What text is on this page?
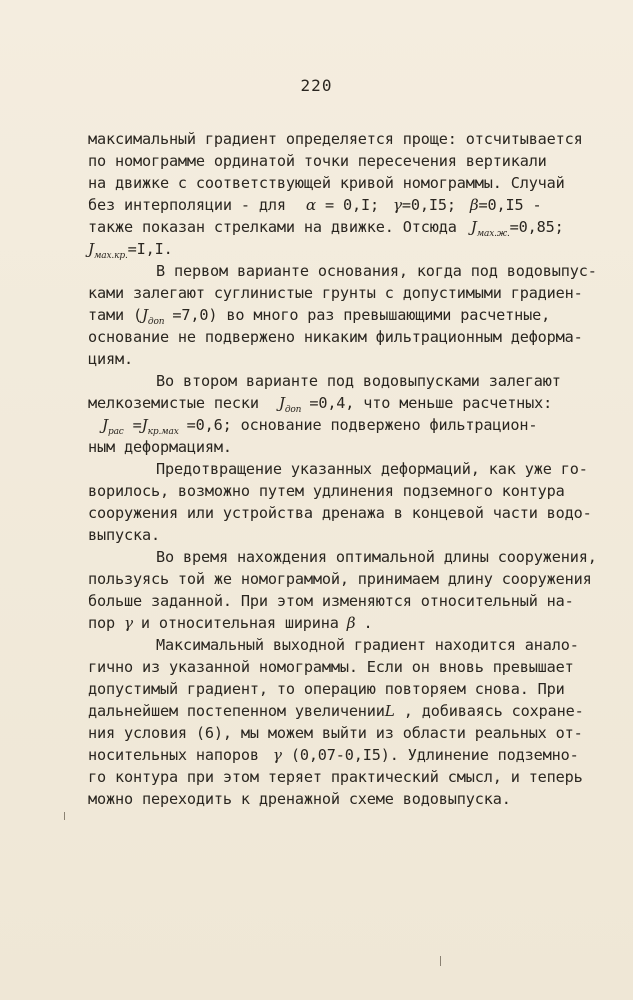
220
максимальный градиент определяется проще: отсчитывается
по номограмме ординатой точки пересечения вертикали
на движке с соответствующей кривой номограммы. Случай
без интерполяции - для α = 0,I; γ=0,I5; β=0,I5 -
также показан стрелками на движке. Отсюда $J_{мах.ж.}=0,85$;
$J_{мах.кр.}=I,I$.
В первом варианте основания, когда под водовыпус-
ками залегают суглинистые грунты с допустимыми градиен-
тами $(J_{доп} =7,0)$ во много раз превышающими расчетные,
основание не подвержено никаким фильтрационным деформа-
циям.
Во втором варианте под водовыпусками залегают
мелкоземистые пески $J_{доп} =0,4$, что меньше расчетных:
$J_{рас} =J_{кр.мах} =0,6$; основание подвержено фильтрацион-
ным деформациям.
Предотвращение указанных деформаций, как уже го-
ворилось, возможно путем удлинения подземного контура
сооружения или устройства дренажа в концевой части водо-
выпуска.
Во время нахождения оптимальной длины сооружения,
пользуясь той же номограммой, принимаем длину сооружения
больше заданной. При этом изменяются относительный на-
пор γ и относительная ширина β .
Максимальный выходной градиент находится анало-
гично из указанной номограммы. Если он вновь превышает
допустимый градиент, то операцию повторяем снова. При
дальнейшем постепенном увеличенииL , добиваясь сохране-
ния условия (6), мы можем выйти из области реальных от-
носительных напоров γ (0,07-0,I5). Удлинение подземно-
го контура при этом теряет практический смысл, и теперь
можно переходить к дренажной схеме водовыпуска.
